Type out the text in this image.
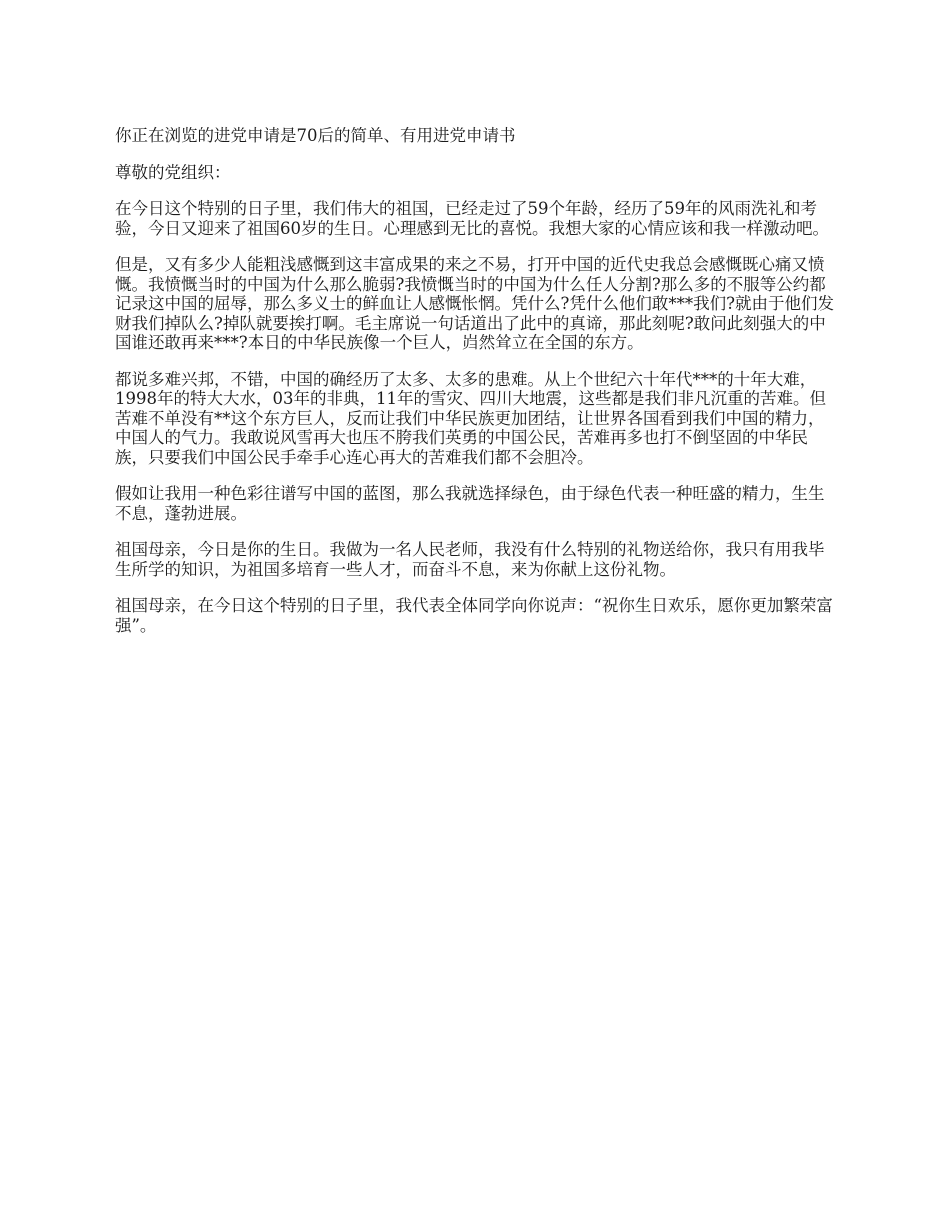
你正在浏览的进党申请是70后的简单、有用进党申请书

尊敬的党组织：

在今日这个特别的日子里，我们伟大的祖国，已经走过了59个年龄，经历了59年的风雨洗礼和考验，今日又迎来了祖国60岁的生日。心理感到无比的喜悦。我想大家的心情应该和我一样激动吧。

但是，又有多少人能粗浅感慨到这丰富成果的来之不易，打开中国的近代史我总会感慨既心痛又愤慨。我愤慨当时的中国为什么那么脆弱?我愤慨当时的中国为什么任人分割?那么多的不服等公约都记录这中国的屈辱，那么多义士的鲜血让人感慨怅惘。凭什么?凭什么他们敢***我们?就由于他们发财我们掉队么?掉队就要挨打啊。毛主席说一句话道出了此中的真谛，那此刻呢?敢问此刻强大的中国谁还敢再来***?本日的中华民族像一个巨人，岿然耸立在全国的东方。

都说多难兴邦，不错，中国的确经历了太多、太多的患难。从上个世纪六十年代***的十年大难，1998年的特大大水，03年的非典，11年的雪灾、四川大地震，这些都是我们非凡沉重的苦难。但苦难不单没有**这个东方巨人，反而让我们中华民族更加团结，让世界各国看到我们中国的精力，中国人的气力。我敢说风雪再大也压不胯我们英勇的中国公民，苦难再多也打不倒坚固的中华民族，只要我们中国公民手牵手心连心再大的苦难我们都不会胆冷。

假如让我用一种色彩往谱写中国的蓝图，那么我就选择绿色，由于绿色代表一种旺盛的精力，生生不息，蓬勃进展。

祖国母亲，今日是你的生日。我做为一名人民老师，我没有什么特别的礼物送给你，我只有用我毕生所学的知识，为祖国多培育一些人才，而奋斗不息，来为你献上这份礼物。

祖国母亲，在今日这个特别的日子里，我代表全体同学向你说声：“祝你生日欢乐，愿你更加繁荣富强”。
